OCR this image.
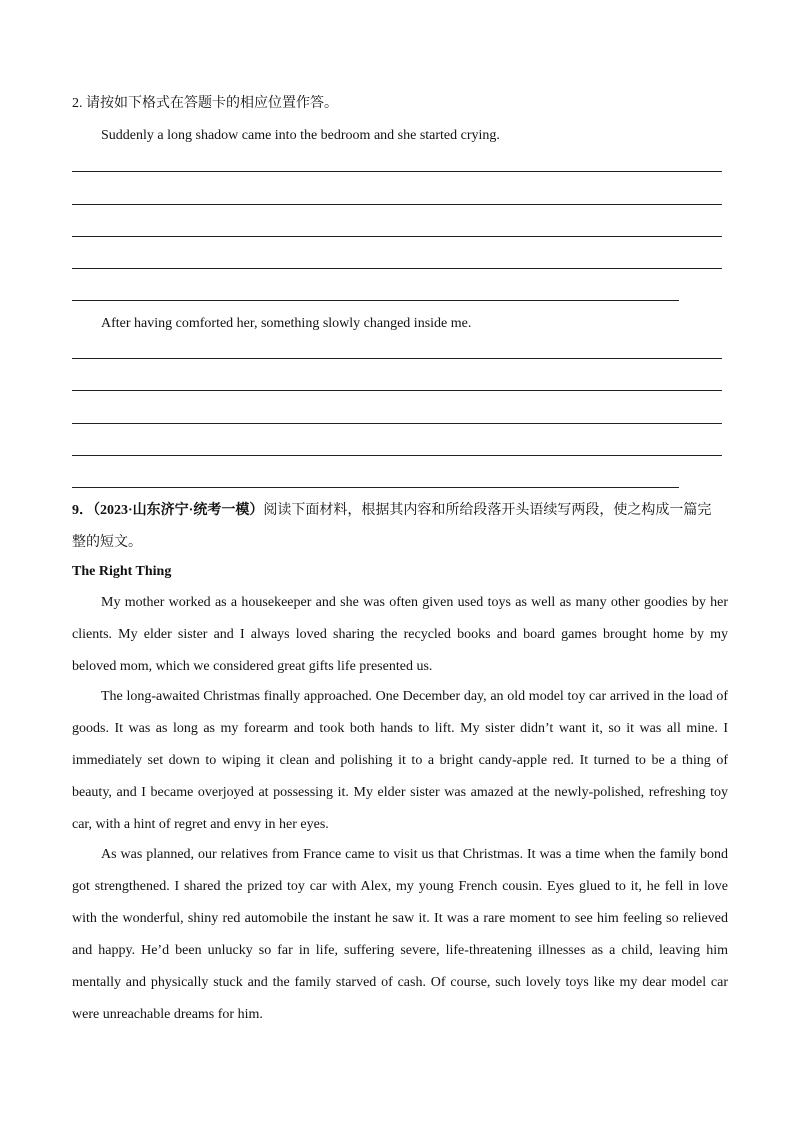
2. 请按如下格式在答题卡的相应位置作答。
Suddenly a long shadow came into the bedroom and she started crying.
After having comforted her, something slowly changed inside me.
9．（2023·山东济宁·统考一模）阅读下面材料，根据其内容和所给段落开头语续写两段，使之构成一篇完
整的短文。
The Right Thing
My mother worked as a housekeeper and she was often given used toys as well as many other goodies by her clients. My elder sister and I always loved sharing the recycled books and board games brought home by my beloved mom, which we considered great gifts life presented us.
The long-awaited Christmas finally approached. One December day, an old model toy car arrived in the load of goods. It was as long as my forearm and took both hands to lift. My sister didn’t want it, so it was all mine. I immediately set down to wiping it clean and polishing it to a bright candy-apple red. It turned to be a thing of beauty, and I became overjoyed at possessing it. My elder sister was amazed at the newly-polished, refreshing toy car, with a hint of regret and envy in her eyes.
As was planned, our relatives from France came to visit us that Christmas. It was a time when the family bond got strengthened. I shared the prized toy car with Alex, my young French cousin. Eyes glued to it, he fell in love with the wonderful, shiny red automobile the instant he saw it. It was a rare moment to see him feeling so relieved and happy. He’d been unlucky so far in life, suffering severe, life-threatening illnesses as a child, leaving him mentally and physically stuck and the family starved of cash. Of course, such lovely toys like my dear model car were unreachable dreams for him.
